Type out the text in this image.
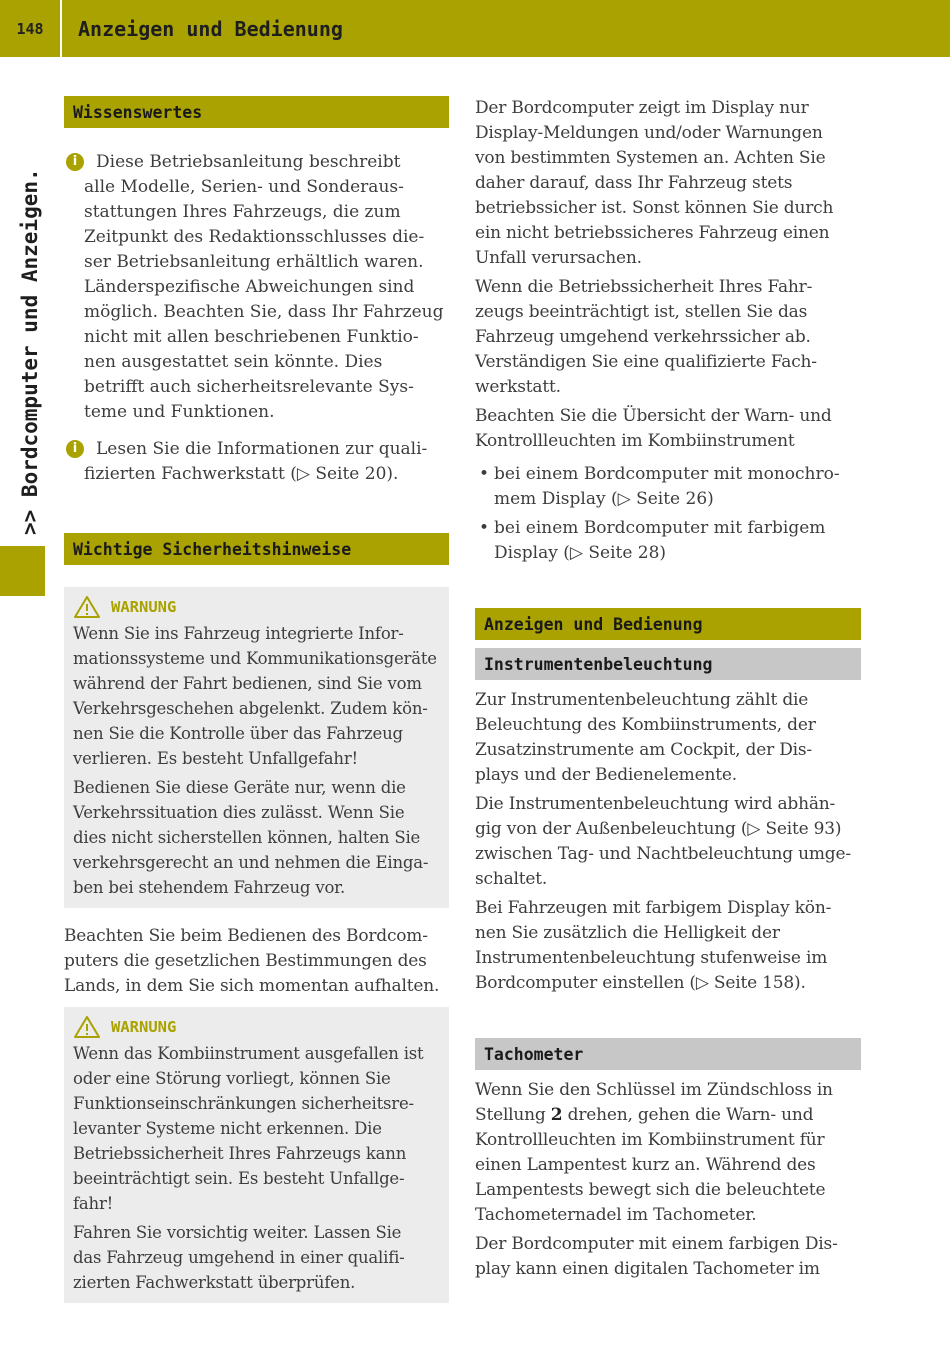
148	Anzeigen und Bedienung
>> Bordcomputer und Anzeigen.
Wissenswertes
i	Diese Betriebsanleitung beschreibt
alle Modelle, Serien- und Sonderaus-
stattungen Ihres Fahrzeugs, die zum
Zeitpunkt des Redaktionsschlusses die-
ser Betriebsanleitung erhältlich waren.
Länderspezifische Abweichungen sind
möglich. Beachten Sie, dass Ihr Fahrzeug
nicht mit allen beschriebenen Funktio-
nen ausgestattet sein könnte. Dies
betrifft auch sicherheitsrelevante Sys-
teme und Funktionen.
i	Lesen Sie die Informationen zur quali-
fizierten Fachwerkstatt (▷ Seite 20).
Wichtige Sicherheitshinweise
WARNUNG

Wenn Sie ins Fahrzeug integrierte Infor-
mationssysteme und Kommunikationsgeräte
während der Fahrt bedienen, sind Sie vom
Verkehrsgeschehen abgelenkt. Zudem kön-
nen Sie die Kontrolle über das Fahrzeug
verlieren. Es besteht Unfallgefahr!

Bedienen Sie diese Geräte nur, wenn die
Verkehrssituation dies zulässt. Wenn Sie
dies nicht sicherstellen können, halten Sie
verkehrsgerecht an und nehmen die Einga-
ben bei stehendem Fahrzeug vor.

Beachten Sie beim Bedienen des Bordcom-
puters die gesetzlichen Bestimmungen des
Lands, in dem Sie sich momentan aufhalten.
WARNUNG

Wenn das Kombiinstrument ausgefallen ist
oder eine Störung vorliegt, können Sie
Funktionseinschränkungen sicherheitsre-
levanter Systeme nicht erkennen. Die
Betriebssicherheit Ihres Fahrzeugs kann
beeinträchtigt sein. Es besteht Unfallge-
fahr!

Fahren Sie vorsichtig weiter. Lassen Sie
das Fahrzeug umgehend in einer qualifi-
zierten Fachwerkstatt überprüfen.

Der Bordcomputer zeigt im Display nur
Display-Meldungen und/oder Warnungen
von bestimmten Systemen an. Achten Sie
daher darauf, dass Ihr Fahrzeug stets
betriebssicher ist. Sonst können Sie durch
ein nicht betriebssicheres Fahrzeug einen
Unfall verursachen.
Wenn die Betriebssicherheit Ihres Fahr-
zeugs beeinträchtigt ist, stellen Sie das
Fahrzeug umgehend verkehrssicher ab.
Verständigen Sie eine qualifizierte Fach-
werkstatt.
Beachten Sie die Übersicht der Warn- und
Kontrollleuchten im Kombiinstrument
• bei einem Bordcomputer mit monochro-
mem Display (▷ Seite 26)
• bei einem Bordcomputer mit farbigem
Display (▷ Seite 28)
Anzeigen und Bedienung
Instrumentenbeleuchtung
Zur Instrumentenbeleuchtung zählt die
Beleuchtung des Kombiinstruments, der
Zusatzinstrumente am Cockpit, der Dis-
plays und der Bedienelemente.
Die Instrumentenbeleuchtung wird abhän-
gig von der Außenbeleuchtung (▷ Seite 93)
zwischen Tag- und Nachtbeleuchtung umge-
schaltet.
Bei Fahrzeugen mit farbigem Display kön-
nen Sie zusätzlich die Helligkeit der
Instrumentenbeleuchtung stufenweise im
Bordcomputer einstellen (▷ Seite 158).
Tachometer
Wenn Sie den Schlüssel im Zündschloss in
Stellung 2 drehen, gehen die Warn- und
Kontrollleuchten im Kombiinstrument für
einen Lampentest kurz an. Während des
Lampentests bewegt sich die beleuchtete
Tachometernadel im Tachometer.
Der Bordcomputer mit einem farbigen Dis-
play kann einen digitalen Tachometer im
